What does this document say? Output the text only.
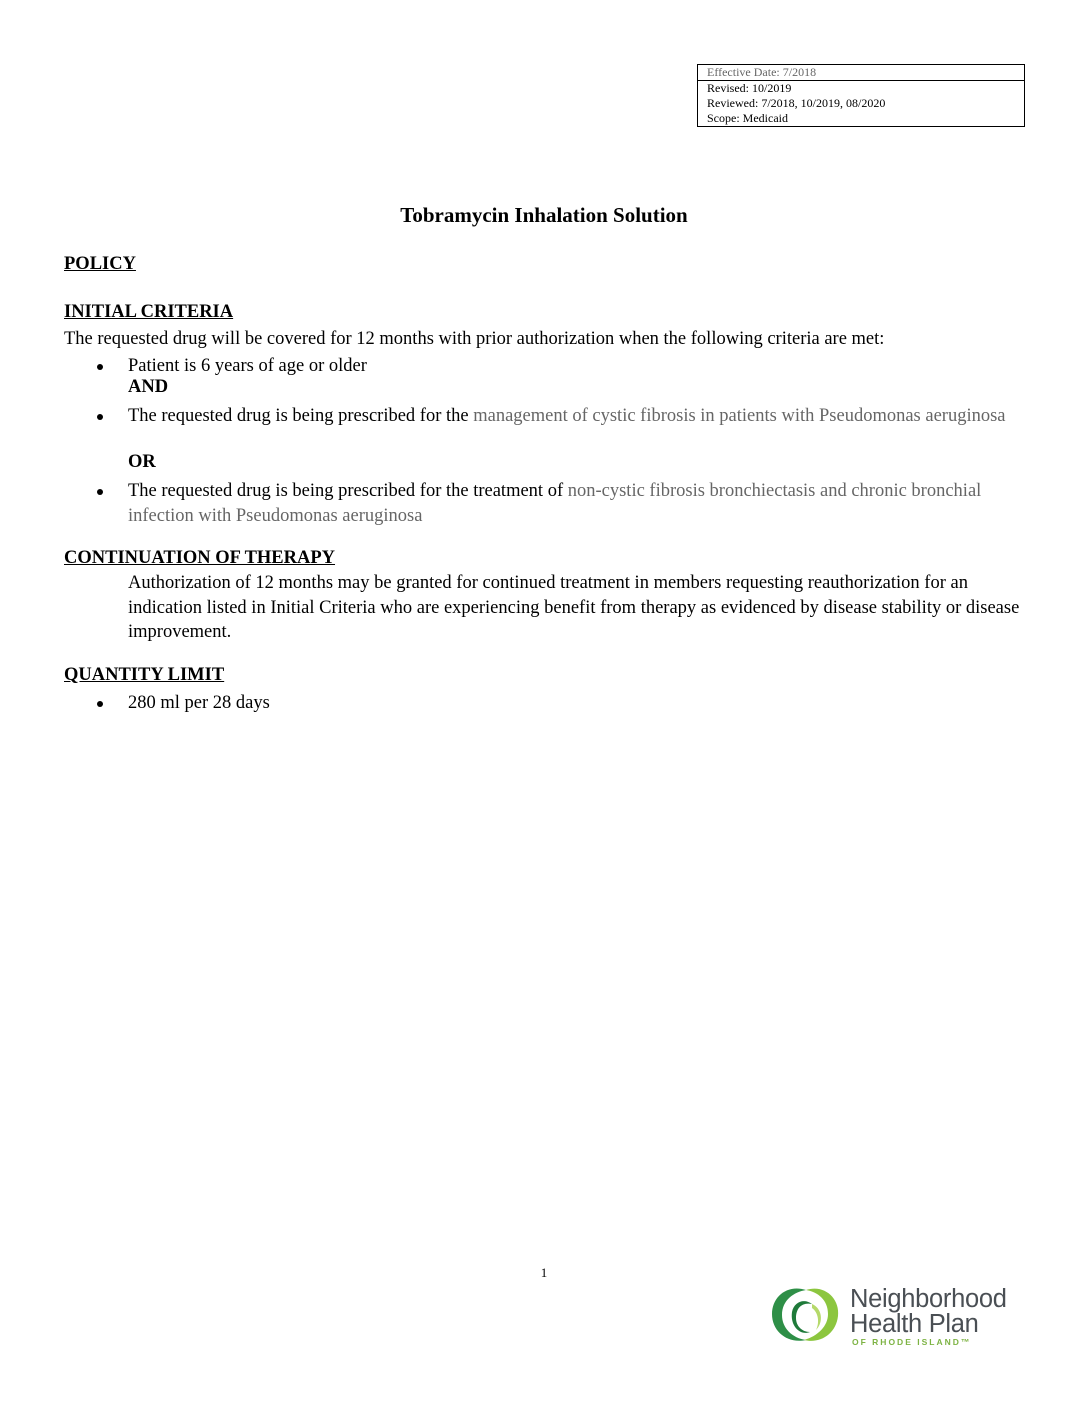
Effective Date: 7/2018
Revised: 10/2019
Reviewed: 7/2018, 10/2019, 08/2020
Scope: Medicaid
Tobramycin Inhalation Solution
POLICY
INITIAL CRITERIA
The requested drug will be covered for 12 months with prior authorization when the following criteria are met:
Patient is 6 years of age or older
AND
The requested drug is being prescribed for the management of cystic fibrosis in patients with Pseudomonas aeruginosa
OR
The requested drug is being prescribed for the treatment of non-cystic fibrosis bronchiectasis and chronic bronchial infection with Pseudomonas aeruginosa
CONTINUATION OF THERAPY
Authorization of 12 months may be granted for continued treatment in members requesting reauthorization for an indication listed in Initial Criteria who are experiencing benefit from therapy as evidenced by disease stability or disease improvement.
QUANTITY LIMIT
280 ml per 28 days
1
Neighborhood
Health Plan
OF RHODE ISLAND™
